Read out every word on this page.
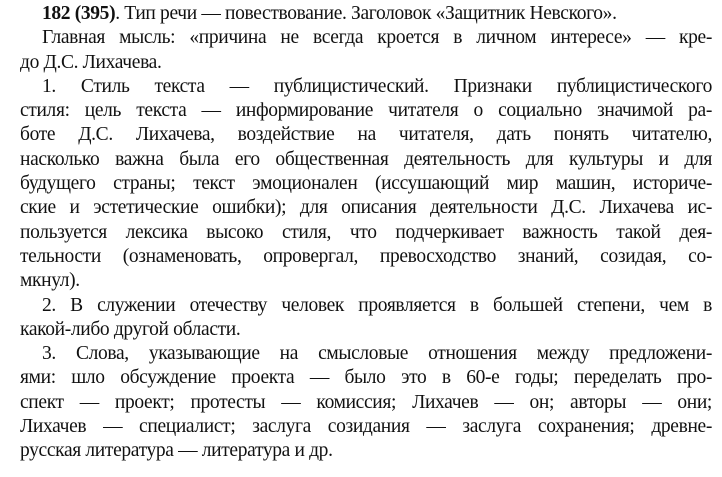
182 (395). Тип речи — повествование. Заголовок «Защитник Невского».
Главная мысль: «причина не всегда кроется в личном интересе» — кре-
до Д.С. Лихачева.
1. Стиль текста — публицистический. Признаки публицистического
стиля: цель текста — информирование читателя о социально значимой ра-
боте Д.С. Лихачева, воздействие на читателя, дать понять читателю,
насколько важна была его общественная деятельность для культуры и для
будущего страны; текст эмоционален (иссушающий мир машин, историче-
ские и эстетические ошибки); для описания деятельности Д.С. Лихачева ис-
пользуется лексика высоко стиля, что подчеркивает важность такой дея-
тельности (ознаменовать, опровергал, превосходство знаний, созидая, со-
мкнул).
2. В служении отечеству человек проявляется в большей степени, чем в
какой-либо другой области.
3. Слова, указывающие на смысловые отношения между предложени-
ями: шло обсуждение проекта — было это в 60-е годы; переделать про-
спект — проект; протесты — комиссия; Лихачев — он; авторы — они;
Лихачев — специалист; заслуга созидания — заслуга сохранения; древне-
русская литература — литература и др.
